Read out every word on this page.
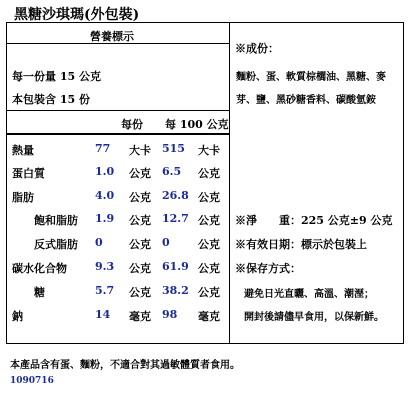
黑糖沙琪瑪(外包裝)
營養標示
每一份量 15 公克
本包裝含 15 份
每份 每 100 公克
熱量	77 大卡 515 大卡
蛋白質	1.0 公克 6.5 公克
脂肪	4.0 公克 26.8 公克
飽和脂肪 1.9 公克 12.7 公克
反式脂肪 0 公克 0	公克
碳水化合物	9.3 公克 61.9 公克
糖	5.7 公克 38.2 公克
鈉	14 毫克 98 毫克
※成份：
麵粉、蛋、軟質棕櫚油、黑糖、麥
芽、鹽、黑砂糖香料、碳酸氫銨
※淨　　重：225 公克±9 公克
※有效日期：標示於包裝上
※保存方式：
避免日光直曬、高溫、潮溼；
開封後請儘早食用，以保新鮮。
本產品含有蛋、麵粉，不適合對其過敏體質者食用。
1090716
